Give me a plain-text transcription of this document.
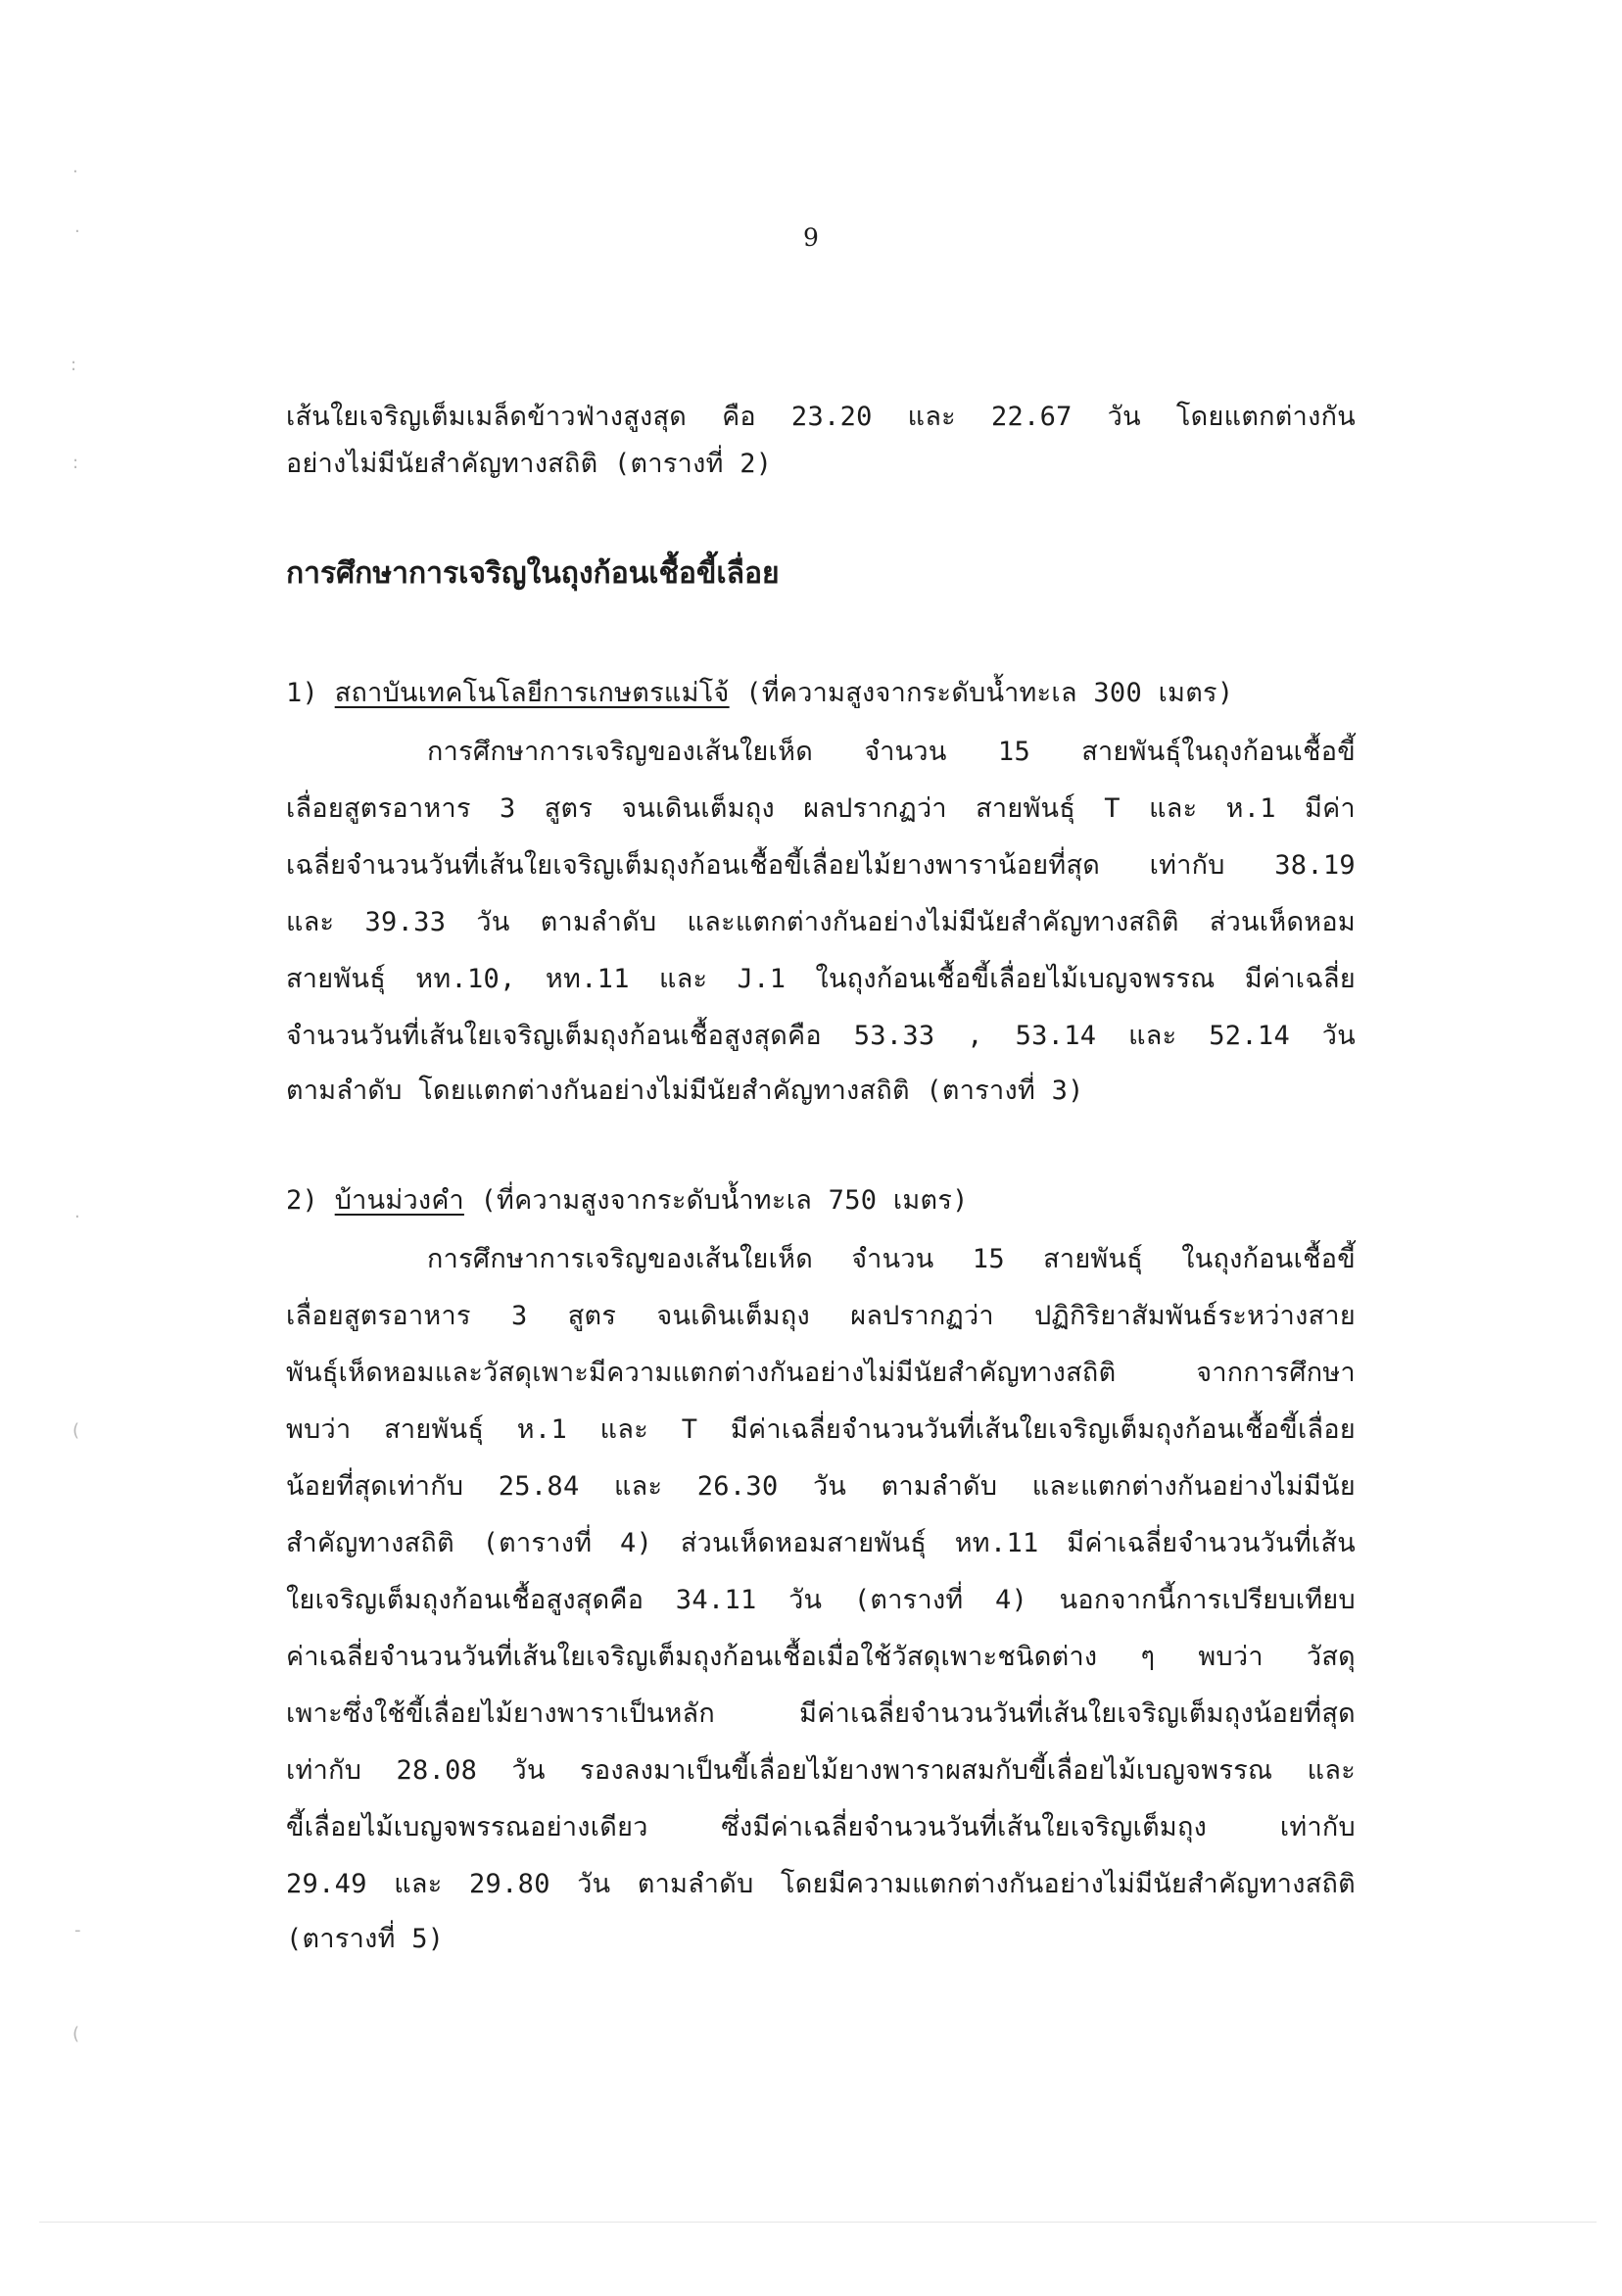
·
·
:
:
·
(
-
(
9
เส้นใยเจริญเต็มเมล็ดข้าวฟ่างสูงสุด คือ 23.20 และ 22.67 วัน โดยแตกต่างกัน
อย่างไม่มีนัยสำคัญทางสถิติ (ตารางที่ 2)
การศึกษาการเจริญในถุงก้อนเชื้อขี้เลื่อย
1) สถาบันเทคโนโลยีการเกษตรแม่โจ้ (ที่ความสูงจากระดับน้ำทะเล 300 เมตร)
การศึกษาการเจริญของเส้นใยเห็ด จำนวน 15 สายพันธุ์ในถุงก้อนเชื้อขี้
เลื่อยสูตรอาหาร 3 สูตร จนเดินเต็มถุง ผลปรากฏว่า สายพันธุ์ T และ ห.1 มีค่า
เฉลี่ยจำนวนวันที่เส้นใยเจริญเต็มถุงก้อนเชื้อขี้เลื่อยไม้ยางพาราน้อยที่สุด เท่ากับ 38.19
และ 39.33 วัน ตามลำดับ และแตกต่างกันอย่างไม่มีนัยสำคัญทางสถิติ ส่วนเห็ดหอม
สายพันธุ์ หท.10, หท.11 และ J.1 ในถุงก้อนเชื้อขี้เลื่อยไม้เบญจพรรณ มีค่าเฉลี่ย
จำนวนวันที่เส้นใยเจริญเต็มถุงก้อนเชื้อสูงสุดคือ 53.33 , 53.14 และ 52.14 วัน
ตามลำดับ โดยแตกต่างกันอย่างไม่มีนัยสำคัญทางสถิติ (ตารางที่ 3)
2) บ้านม่วงคำ (ที่ความสูงจากระดับน้ำทะเล 750 เมตร)
การศึกษาการเจริญของเส้นใยเห็ด จำนวน 15 สายพันธุ์ ในถุงก้อนเชื้อขี้
เลื่อยสูตรอาหาร 3 สูตร จนเดินเต็มถุง ผลปรากฏว่า ปฏิกิริยาสัมพันธ์ระหว่างสาย
พันธุ์เห็ดหอมและวัสดุเพาะมีความแตกต่างกันอย่างไม่มีนัยสำคัญทางสถิติ จากการศึกษา
พบว่า สายพันธุ์ ห.1 และ T มีค่าเฉลี่ยจำนวนวันที่เส้นใยเจริญเต็มถุงก้อนเชื้อขี้เลื่อย
น้อยที่สุดเท่ากับ 25.84 และ 26.30 วัน ตามลำดับ และแตกต่างกันอย่างไม่มีนัย
สำคัญทางสถิติ (ตารางที่ 4) ส่วนเห็ดหอมสายพันธุ์ หท.11 มีค่าเฉลี่ยจำนวนวันที่เส้น
ใยเจริญเต็มถุงก้อนเชื้อสูงสุดคือ 34.11 วัน (ตารางที่ 4) นอกจากนี้การเปรียบเทียบ
ค่าเฉลี่ยจำนวนวันที่เส้นใยเจริญเต็มถุงก้อนเชื้อเมื่อใช้วัสดุเพาะชนิดต่าง ๆ พบว่า วัสดุ
เพาะซึ่งใช้ขี้เลื่อยไม้ยางพาราเป็นหลัก มีค่าเฉลี่ยจำนวนวันที่เส้นใยเจริญเต็มถุงน้อยที่สุด
เท่ากับ 28.08 วัน รองลงมาเป็นขี้เลื่อยไม้ยางพาราผสมกับขี้เลื่อยไม้เบญจพรรณ และ
ขี้เลื่อยไม้เบญจพรรณอย่างเดียว ซึ่งมีค่าเฉลี่ยจำนวนวันที่เส้นใยเจริญเต็มถุง เท่ากับ
29.49 และ 29.80 วัน ตามลำดับ โดยมีความแตกต่างกันอย่างไม่มีนัยสำคัญทางสถิติ
(ตารางที่ 5)
